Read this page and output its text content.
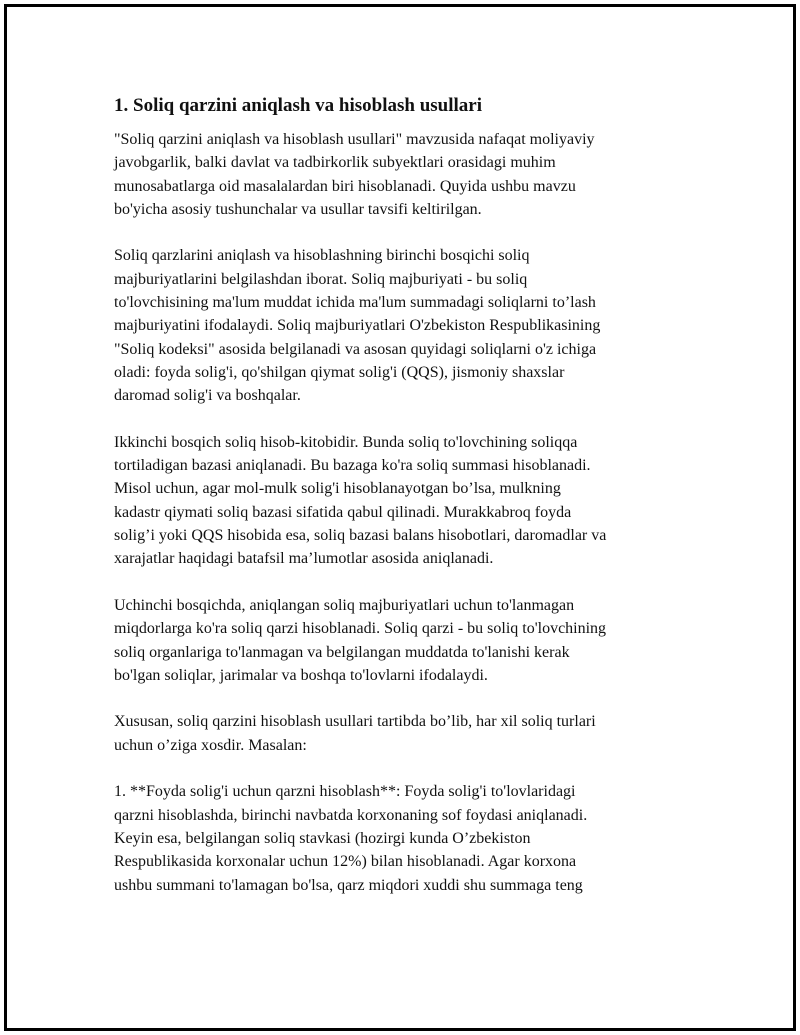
1. Soliq qarzini aniqlash va hisoblash usullari

"Soliq qarzini aniqlash va hisoblash usullari" mavzusida nafaqat moliyaviy
javobgarlik, balki davlat va tadbirkorlik subyektlari orasidagi muhim
munosabatlarga oid masalalardan biri hisoblanadi. Quyida ushbu mavzu
bo'yicha asosiy tushunchalar va usullar tavsifi keltirilgan.

Soliq qarzlarini aniqlash va hisoblashning birinchi bosqichi soliq
majburiyatlarini belgilashdan iborat. Soliq majburiyati - bu soliq
to'lovchisining ma'lum muddat ichida ma'lum summadagi soliqlarni to’lash
majburiyatini ifodalaydi. Soliq majburiyatlari O'zbekiston Respublikasining
"Soliq kodeksi" asosida belgilanadi va asosan quyidagi soliqlarni o'z ichiga
oladi: foyda solig'i, qo'shilgan qiymat solig'i (QQS), jismoniy shaxslar
daromad solig'i va boshqalar.

Ikkinchi bosqich soliq hisob-kitobidir. Bunda soliq to'lovchining soliqqa
tortiladigan bazasi aniqlanadi. Bu bazaga ko'ra soliq summasi hisoblanadi.
Misol uchun, agar mol-mulk solig'i hisoblanayotgan bo’lsa, mulkning
kadastr qiymati soliq bazasi sifatida qabul qilinadi. Murakkabroq foyda
solig’i yoki QQS hisobida esa, soliq bazasi balans hisobotlari, daromadlar va
xarajatlar haqidagi batafsil ma’lumotlar asosida aniqlanadi.

Uchinchi bosqichda, aniqlangan soliq majburiyatlari uchun to'lanmagan
miqdorlarga ko'ra soliq qarzi hisoblanadi. Soliq qarzi - bu soliq to'lovchining
soliq organlariga to'lanmagan va belgilangan muddatda to'lanishi kerak
bo'lgan soliqlar, jarimalar va boshqa to'lovlarni ifodalaydi.

Xususan, soliq qarzini hisoblash usullari tartibda bo’lib, har xil soliq turlari
uchun o’ziga xosdir. Masalan:

1. **Foyda solig'i uchun qarzni hisoblash**: Foyda solig'i to'lovlaridagi
qarzni hisoblashda, birinchi navbatda korxonaning sof foydasi aniqlanadi.
Keyin esa, belgilangan soliq stavkasi (hozirgi kunda O’zbekiston
Respublikasida korxonalar uchun 12%) bilan hisoblanadi. Agar korxona
ushbu summani to'lamagan bo'lsa, qarz miqdori xuddi shu summaga teng
